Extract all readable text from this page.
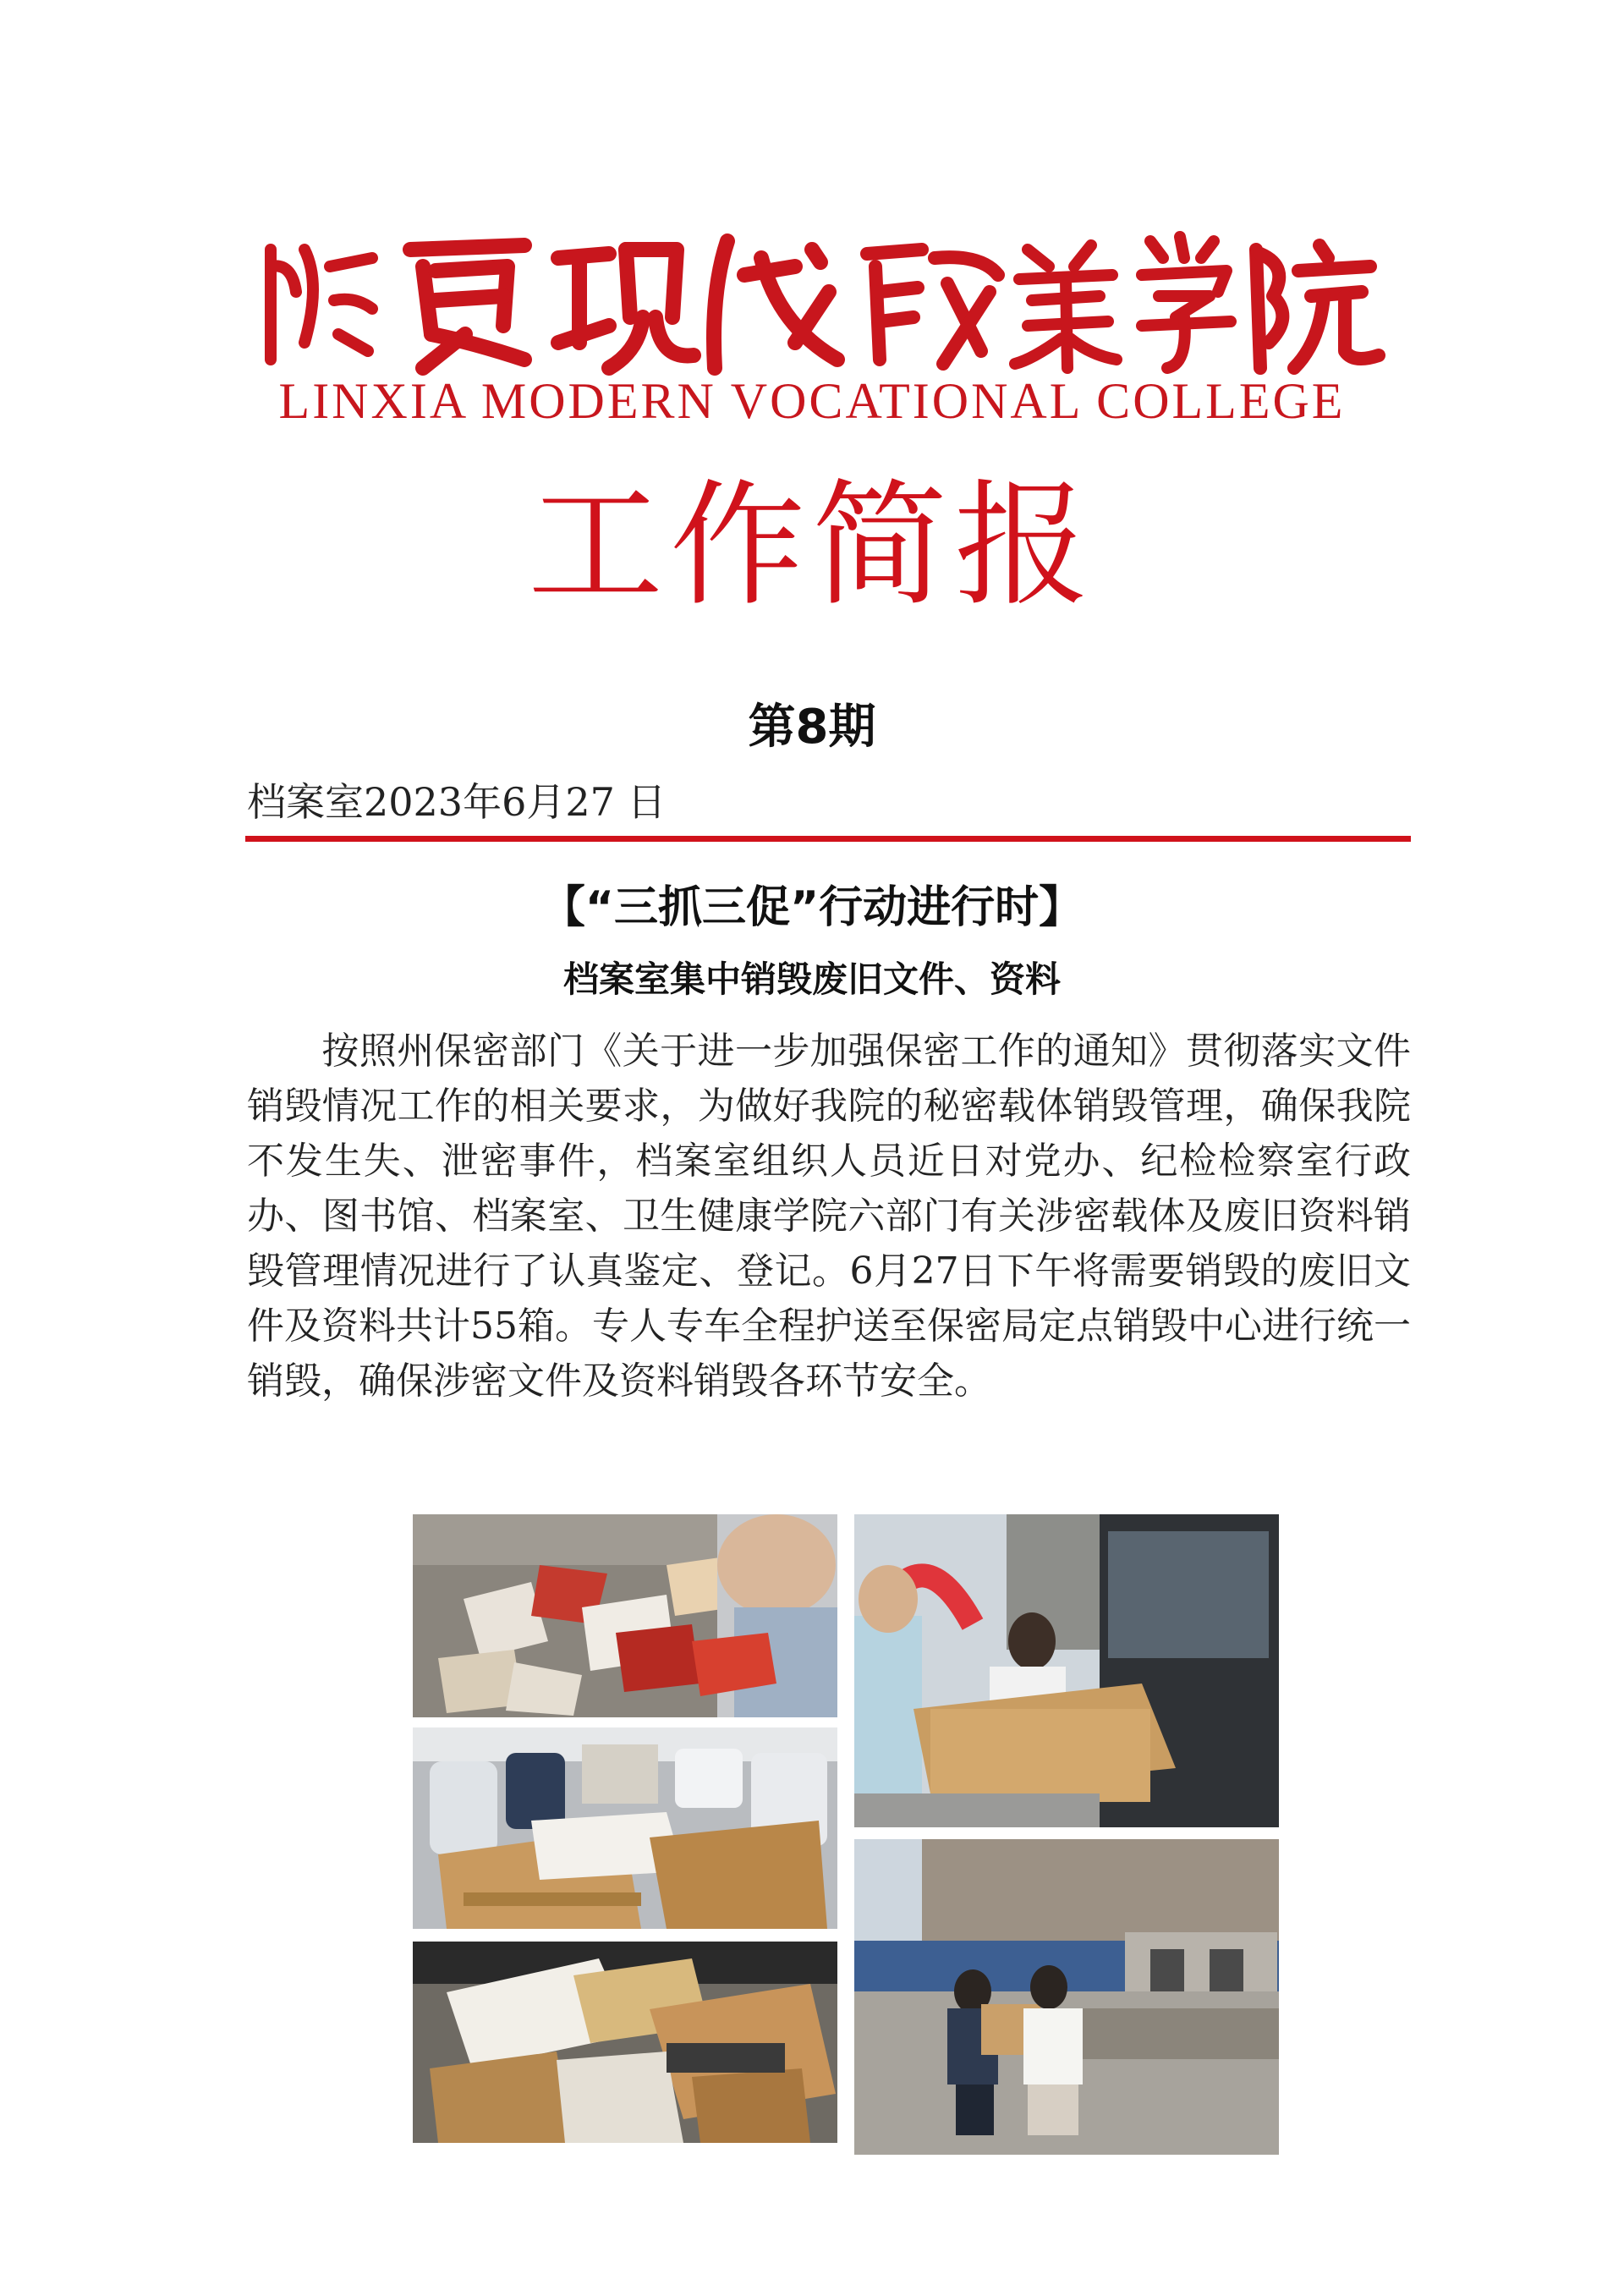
LINXIA MODERN VOCATIONAL COLLEGE
工作简报
第8期
档案室2023年6月27 日
【“三抓三促”行动进行时】
档案室集中销毁废旧文件、资料

按照州保密部门《关于进一步加强保密工作的通知》贯彻落实文件销毁情况工作的相关要求，为做好我院的秘密载体销毁管理，确保我院不发生失、泄密事件，档案室组织人员近日对党办、纪检检察室行政办、图书馆、档案室、卫生健康学院六部门有关涉密载体及废旧资料销毁管理情况进行了认真鉴定、登记。6月27日下午将需要销毁的废旧文件及资料共计55箱。专人专车全程护送至保密局定点销毁中心进行统一销毁，确保涉密文件及资料销毁各环节安全。
